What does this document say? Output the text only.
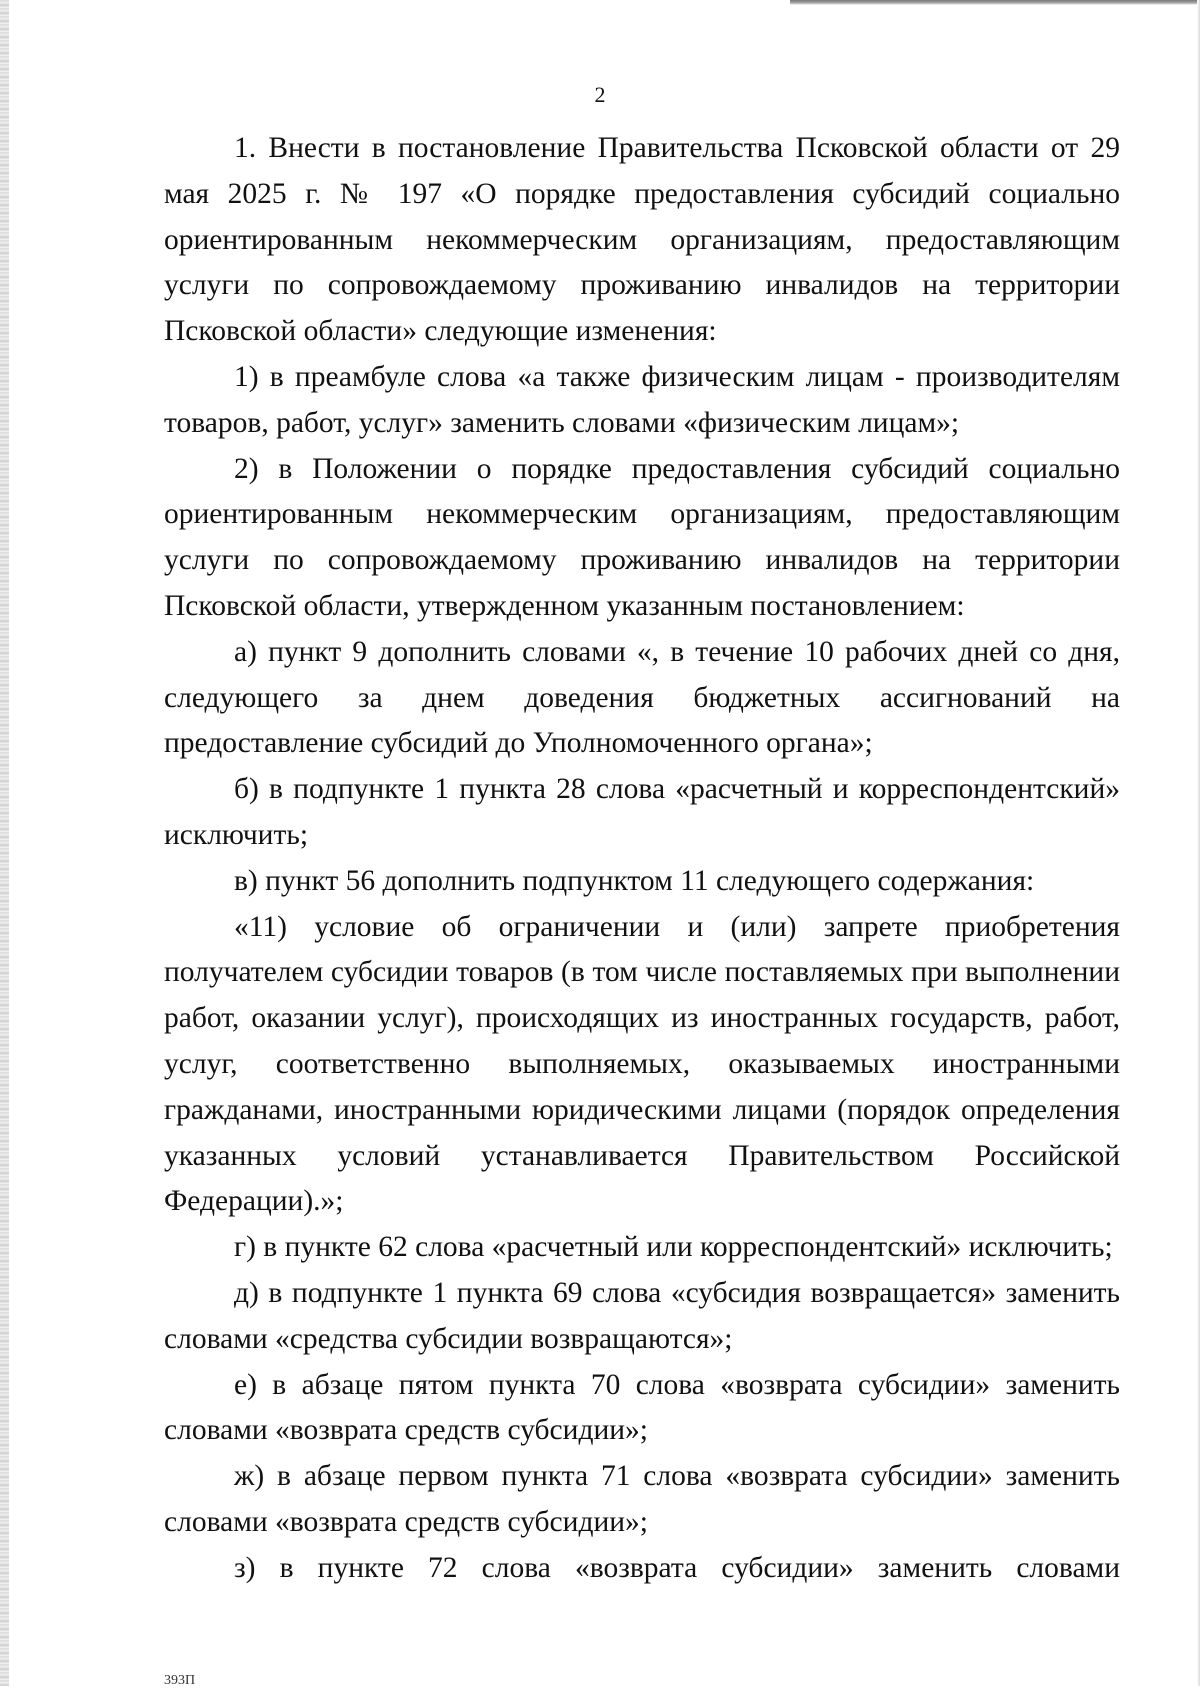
2

1. Внести в постановление Правительства Псковской области от 29 мая 2025 г. № 197 «О порядке предоставления субсидий социально ориентированным некоммерческим организациям, предоставляющим услуги по сопровождаемому проживанию инвалидов на территории Псковской области» следующие изменения:

1) в преамбуле слова «а также физическим лицам - производителям товаров, работ, услуг» заменить словами «физическим лицам»;

2) в Положении о порядке предоставления субсидий социально ориентированным некоммерческим организациям, предоставляющим услуги по сопровождаемому проживанию инвалидов на территории Псковской области, утвержденном указанным постановлением:

а) пункт 9 дополнить словами «, в течение 10 рабочих дней со дня, следующего за днем доведения бюджетных ассигнований на предоставление субсидий до Уполномоченного органа»;

б) в подпункте 1 пункта 28 слова «расчетный и корреспондентский» исключить;

в) пункт 56 дополнить подпунктом 11 следующего содержания:

«11) условие об ограничении и (или) запрете приобретения получателем субсидии товаров (в том числе поставляемых при выполнении работ, оказании услуг), происходящих из иностранных государств, работ, услуг, соответственно выполняемых, оказываемых иностранными гражданами, иностранными юридическими лицами (порядок определения указанных условий устанавливается Правительством Российской Федерации).»;

г) в пункте 62 слова «расчетный или корреспондентский» исключить;

д) в подпункте 1 пункта 69 слова «субсидия возвращается» заменить словами «средства субсидии возвращаются»;

е) в абзаце пятом пункта 70 слова «возврата субсидии» заменить словами «возврата средств субсидии»;

ж) в абзаце первом пункта 71 слова «возврата субсидии» заменить словами «возврата средств субсидии»;

з) в пункте 72 слова «возврата субсидии» заменить словами

393П
